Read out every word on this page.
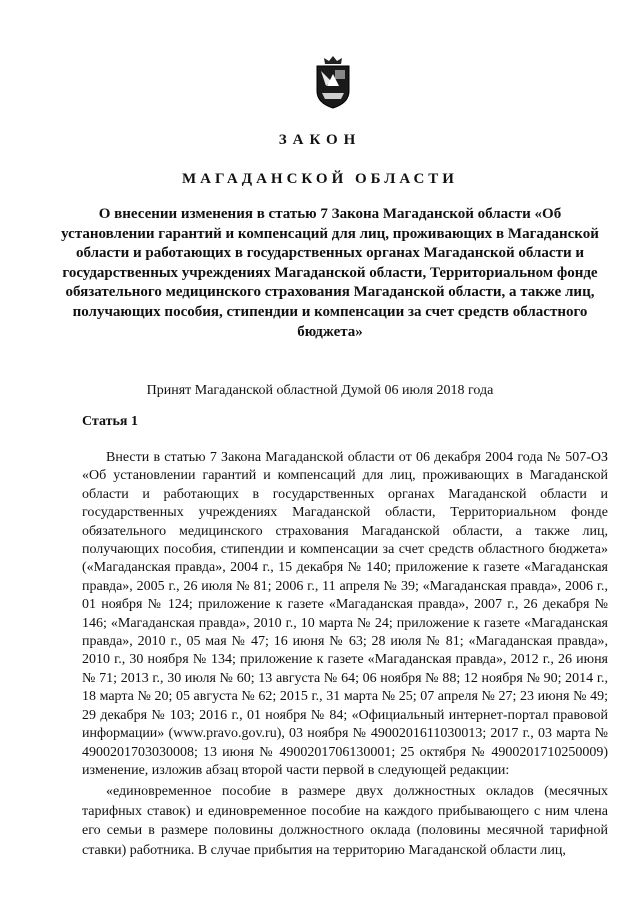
ЗАКОН
МАГАДАНСКОЙ ОБЛАСТИ

О внесении изменения в статью 7 Закона Магаданской области «Об установлении гарантий и компенсаций для лиц, проживающих в Магаданской области и работающих в государственных органах Магаданской области и государственных учреждениях Магаданской области, Территориальном фонде обязательного медицинского страхования Магаданской области, а также лиц, получающих пособия, стипендии и компенсации за счет средств областного бюджета»

Принят Магаданской областной Думой 06 июля 2018 года

Статья 1

Внести в статью 7 Закона Магаданской области от 06 декабря 2004 года № 507-ОЗ «Об установлении гарантий и компенсаций для лиц, проживающих в Магаданской области и работающих в государственных органах Магаданской области и государственных учреждениях Магаданской области, Территориальном фонде обязательного медицинского страхования Магаданской области, а также лиц, получающих пособия, стипендии и компенсации за счет средств областного бюджета» («Магаданская правда», 2004 г., 15 декабря № 140; приложение к газете «Магаданская правда», 2005 г., 26 июля № 81; 2006 г., 11 апреля № 39; «Магаданская правда», 2006 г., 01 ноября № 124; приложение к газете «Магаданская правда», 2007 г., 26 декабря № 146; «Магаданская правда», 2010 г., 10 марта № 24; приложение к газете «Магаданская правда», 2010 г., 05 мая № 47; 16 июня № 63; 28 июля № 81; «Магаданская правда», 2010 г., 30 ноября № 134; приложение к газете «Магаданская правда», 2012 г., 26 июня № 71; 2013 г., 30 июля № 60; 13 августа № 64; 06 ноября № 88; 12 ноября № 90; 2014 г., 18 марта № 20; 05 августа № 62; 2015 г., 31 марта № 25; 07 апреля № 27; 23 июня № 49; 29 декабря № 103; 2016 г., 01 ноября № 84; «Официальный интернет-портал правовой информации» (www.pravo.gov.ru), 03 ноября № 4900201611030013; 2017 г., 03 марта № 4900201703030008; 13 июня № 4900201706130001; 25 октября № 4900201710250009) изменение, изложив абзац второй части первой в следующей редакции:

«единовременное пособие в размере двух должностных окладов (месячных тарифных ставок) и единовременное пособие на каждого прибывающего с ним члена его семьи в размере половины должностного оклада (половины месячной тарифной ставки) работника. В случае прибытия на территорию Магаданской области лиц,
